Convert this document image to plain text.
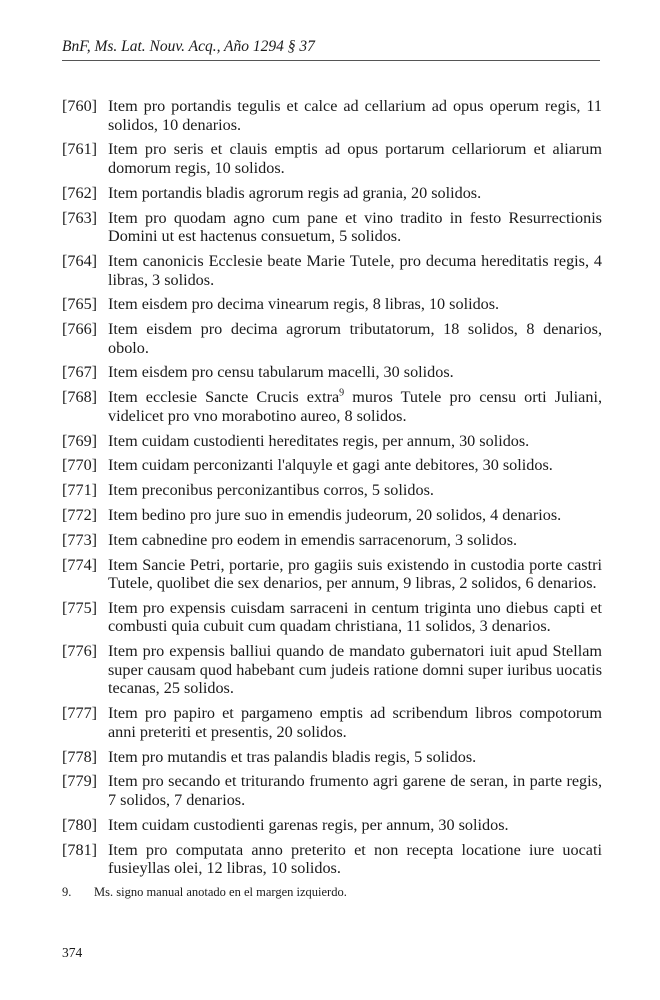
BnF, Ms. Lat. Nouv. Acq., Año 1294 § 37
[760] Item pro portandis tegulis et calce ad cellarium ad opus operum regis, 11 solidos, 10 denarios.
[761] Item pro seris et clauis emptis ad opus portarum cellariorum et aliarum domorum regis, 10 solidos.
[762] Item portandis bladis agrorum regis ad grania, 20 solidos.
[763] Item pro quodam agno cum pane et vino tradito in festo Resurrectionis Domini ut est hactenus consuetum, 5 solidos.
[764] Item canonicis Ecclesie beate Marie Tutele, pro decuma hereditatis regis, 4 libras, 3 solidos.
[765] Item eisdem pro decima vinearum regis, 8 libras, 10 solidos.
[766] Item eisdem pro decima agrorum tributatorum, 18 solidos, 8 denarios, obolo.
[767] Item eisdem pro censu tabularum macelli, 30 solidos.
[768] Item ecclesie Sancte Crucis extra$^9$ muros Tutele pro censu orti Juliani, videlicet pro vno morabotino aureo, 8 solidos.
[769] Item cuidam custodienti hereditates regis, per annum, 30 solidos.
[770] Item cuidam perconizanti l'alquyle et gagi ante debitores, 30 solidos.
[771] Item preconibus perconizantibus corros, 5 solidos.
[772] Item bedino pro jure suo in emendis judeorum, 20 solidos, 4 denarios.
[773] Item cabnedine pro eodem in emendis sarracenorum, 3 solidos.
[774] Item Sancie Petri, portarie, pro gagiis suis existendo in custodia porte castri Tutele, quolibet die sex denarios, per annum, 9 libras, 2 solidos, 6 denarios.
[775] Item pro expensis cuisdam sarraceni in centum triginta uno diebus capti et combusti quia cubuit cum quadam christiana, 11 solidos, 3 denarios.
[776] Item pro expensis balliui quando de mandato gubernatori iuit apud Stellam super causam quod habebant cum judeis ratione domni super iuribus uocatis tecanas, 25 solidos.
[777] Item pro papiro et pargameno emptis ad scribendum libros compotorum anni preteriti et presentis, 20 solidos.
[778] Item pro mutandis et tras palandis bladis regis, 5 solidos.
[779] Item pro secando et triturando frumento agri garene de seran, in parte regis, 7 solidos, 7 denarios.
[780] Item cuidam custodienti garenas regis, per annum, 30 solidos.
[781] Item pro computata anno preterito et non recepta locatione iure uocati fusieyllas olei, 12 libras, 10 solidos.
9.	Ms. signo manual anotado en el margen izquierdo.
374
